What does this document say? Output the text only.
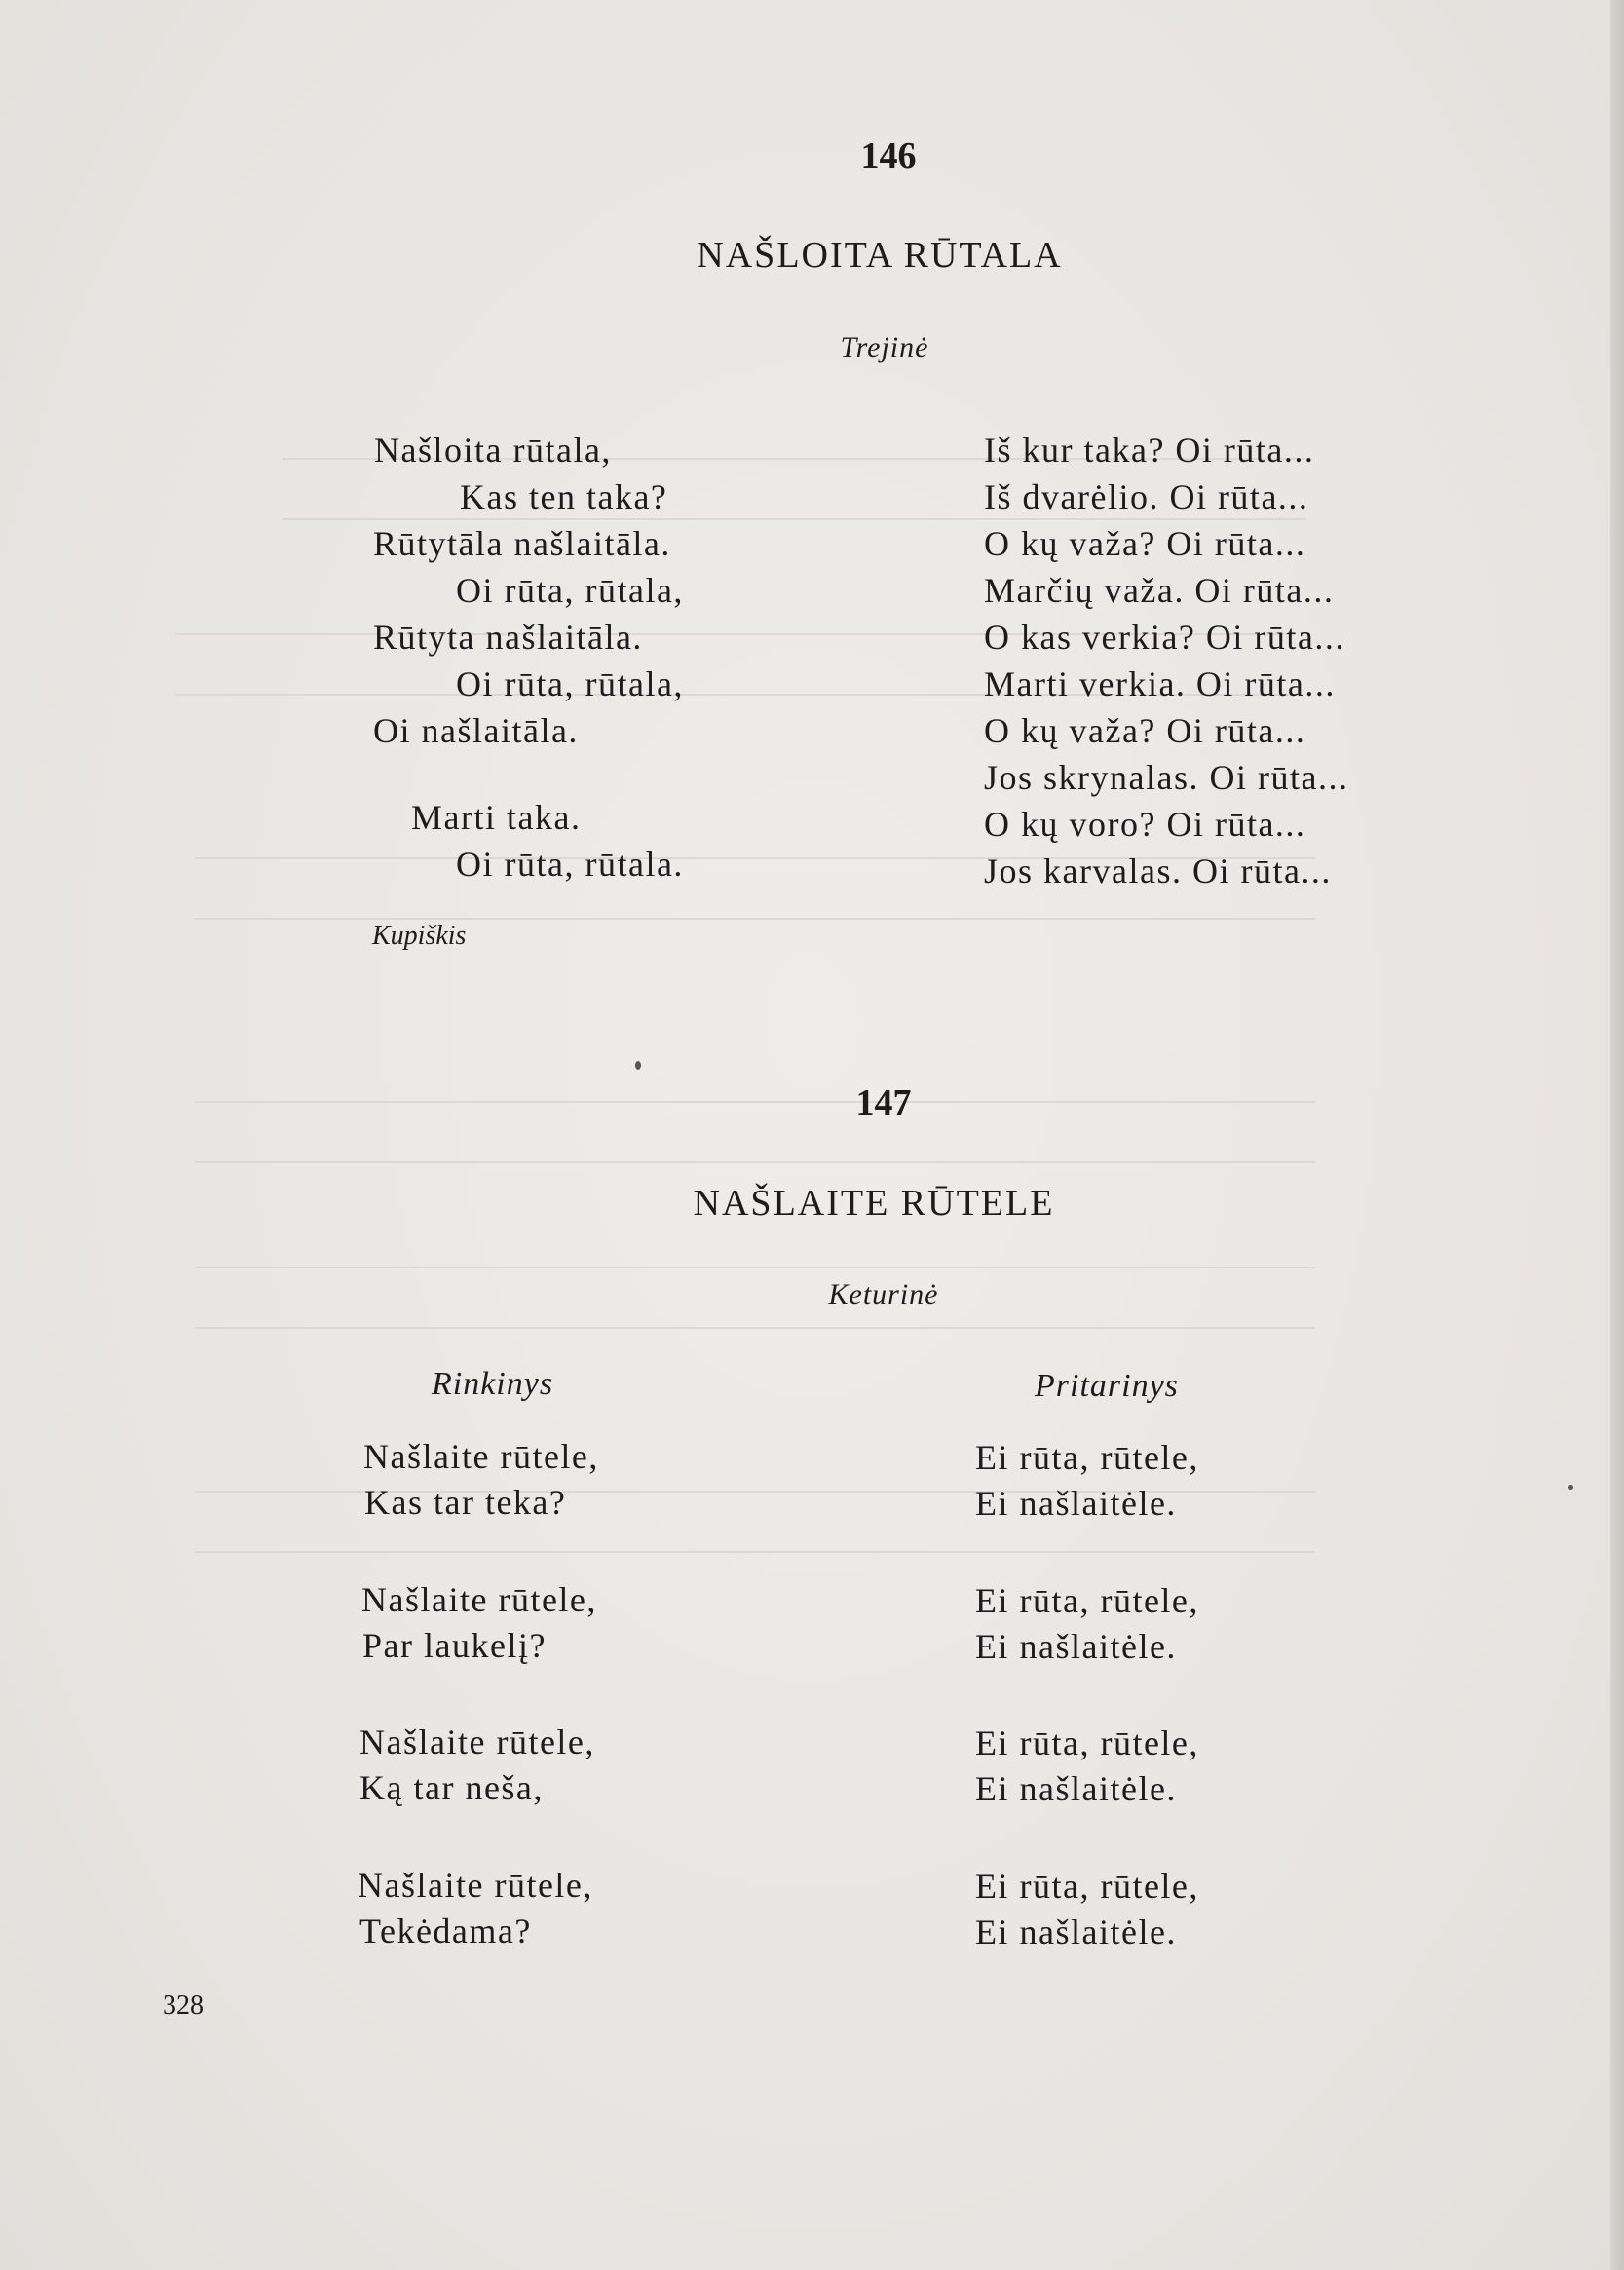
146
NAŠLOITA RŪTALA
Trejinė
Našloita rūtala,
Kas ten taka?
Rūtytāla našlaitāla.
Oi rūta, rūtala,
Rūtyta našlaitāla.
Oi rūta, rūtala,
Oi našlaitāla.
Marti taka.
Oi rūta, rūtala.
Iš kur taka? Oi rūta...
Iš dvarėlio. Oi rūta...
O kų važa? Oi rūta...
Marčių važa. Oi rūta...
O kas verkia? Oi rūta...
Marti verkia. Oi rūta...
O kų važa? Oi rūta...
Jos skrynalas. Oi rūta...
O kų voro? Oi rūta...
Jos karvalas. Oi rūta...
Kupiškis
147
NAŠLAITE RŪTELE
Keturinė
Rinkinys	Pritarinys
Našlaite rūtele,
Kas tar teka?
Našlaite rūtele,
Par laukelį?
Našlaite rūtele,
Ką tar neša,
Našlaite rūtele,
Tekėdama?
Ei rūta, rūtele,
Ei našlaitėle.
Ei rūta, rūtele,
Ei našlaitėle.
Ei rūta, rūtele,
Ei našlaitėle.
Ei rūta, rūtele,
Ei našlaitėle.
328
